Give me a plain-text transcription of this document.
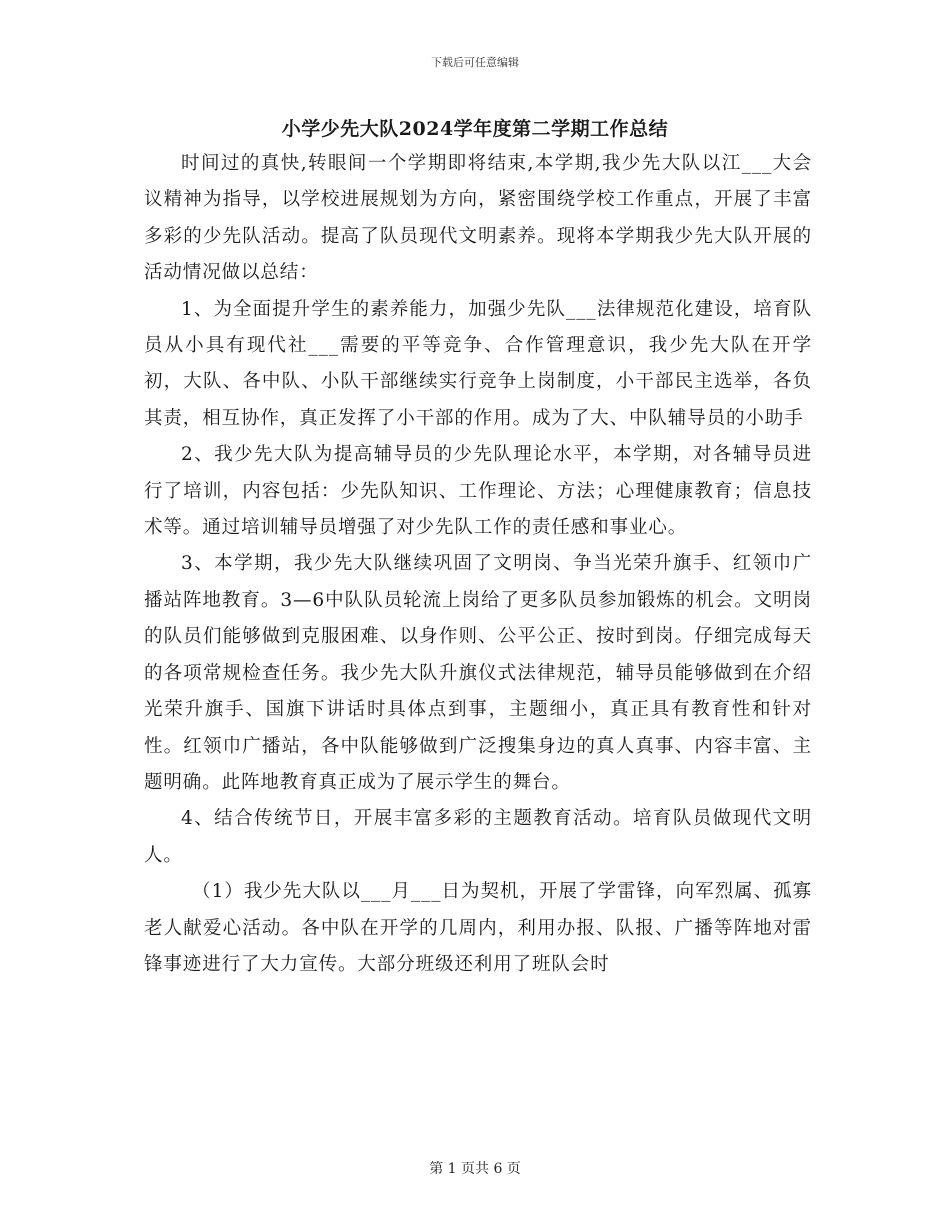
下载后可任意编辑
小学少先大队2024学年度第二学期工作总结

时间过的真快,转眼间一个学期即将结束,本学期,我少先大队以江___大会议精神为指导，以学校进展规划为方向，紧密围绕学校工作重点，开展了丰富多彩的少先队活动。提高了队员现代文明素养。现将本学期我少先大队开展的活动情况做以总结：

1、为全面提升学生的素养能力，加强少先队___法律规范化建设，培育队员从小具有现代社___需要的平等竞争、合作管理意识，我少先大队在开学初，大队、各中队、小队干部继续实行竞争上岗制度，小干部民主选举，各负其责，相互协作，真正发挥了小干部的作用。成为了大、中队辅导员的小助手

2、我少先大队为提高辅导员的少先队理论水平，本学期，对各辅导员进行了培训，内容包括：少先队知识、工作理论、方法；心理健康教育；信息技术等。通过培训辅导员增强了对少先队工作的责任感和事业心。

3、本学期，我少先大队继续巩固了文明岗、争当光荣升旗手、红领巾广播站阵地教育。3—6中队队员轮流上岗给了更多队员参加锻炼的机会。文明岗的队员们能够做到克服困难、以身作则、公平公正、按时到岗。仔细完成每天的各项常规检查任务。我少先大队升旗仪式法律规范，辅导员能够做到在介绍光荣升旗手、国旗下讲话时具体点到事，主题细小，真正具有教育性和针对性。红领巾广播站，各中队能够做到广泛搜集身边的真人真事、内容丰富、主题明确。此阵地教育真正成为了展示学生的舞台。

4、结合传统节日，开展丰富多彩的主题教育活动。培育队员做现代文明人。

（1）我少先大队以___月___日为契机，开展了学雷锋，向军烈属、孤寡老人献爱心活动。各中队在开学的几周内，利用办报、队报、广播等阵地对雷锋事迹进行了大力宣传。大部分班级还利用了班队会时

第 1 页共 6 页
